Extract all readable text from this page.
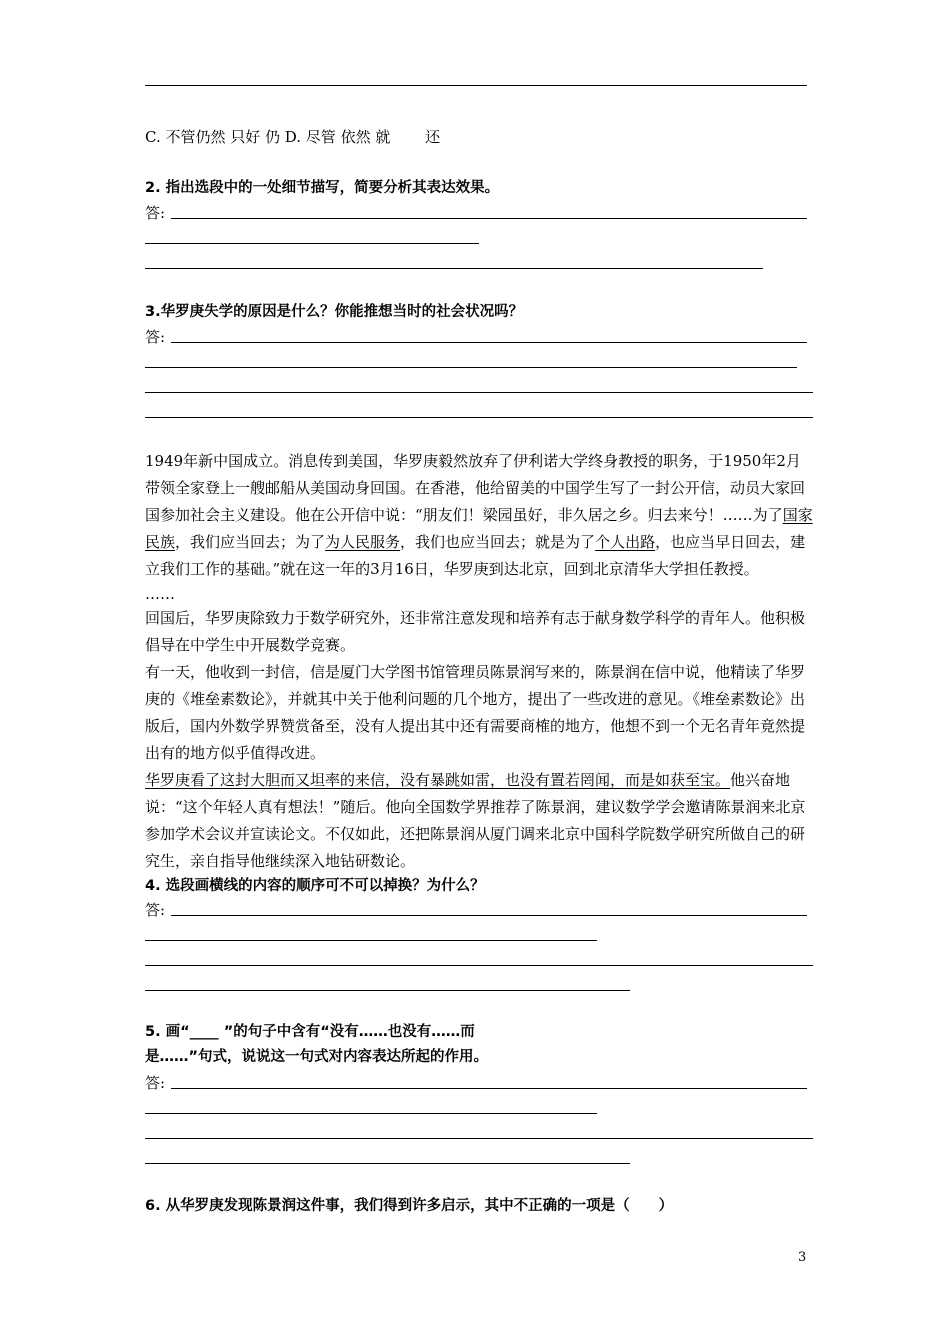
C. 不管仍然 只好 仍 D. 尽管 依然 就　　 还
2. 指出选段中的一处细节描写，简要分析其表达效果。
答:
3.华罗庚失学的原因是什么？你能推想当时的社会状况吗？
答:

1949年新中国成立。消息传到美国，华罗庚毅然放弃了伊利诺大学终身教授的职务，于1950年2月带领全家登上一艘邮船从美国动身回国。在香港，他给留美的中国学生写了一封公开信，动员大家回国参加社会主义建设。他在公开信中说：“朋友们！梁园虽好，非久居之乡。归去来兮！……为了国家民族，我们应当回去；为了为人民服务，我们也应当回去；就是为了个人出路，也应当早日回去，建立我们工作的基础。”就在这一年的3月16日，华罗庚到达北京，回到北京清华大学担任教授。

……

回国后，华罗庚除致力于数学研究外，还非常注意发现和培养有志于献身数学科学的青年人。他积极倡导在中学生中开展数学竞赛。

有一天，他收到一封信，信是厦门大学图书馆管理员陈景润写来的，陈景润在信中说，他精读了华罗庚的《堆垒素数论》，并就其中关于他利问题的几个地方，提出了一些改进的意见。《堆垒素数论》出版后，国内外数学界赞赏备至，没有人提出其中还有需要商榷的地方，他想不到一个无名青年竟然提出有的地方似乎值得改进。

华罗庚看了这封大胆而又坦率的来信，没有暴跳如雷，也没有置若罔闻，而是如获至宝。他兴奋地说：“这个年轻人真有想法！”随后。他向全国数学界推荐了陈景润，建议数学学会邀请陈景润来北京参加学术会议并宣读论文。不仅如此，还把陈景润从厦门调来北京中国科学院数学研究所做自己的研究生，亲自指导他继续深入地钻研数论。

4. 选段画横线的内容的顺序可不可以掉换？为什么？
答:
5. 画“____ ”的句子中含有“没有……也没有……而
是……”句式，说说这一句式对内容表达所起的作用。
答:
6. 从华罗庚发现陈景润这件事，我们得到许多启示，其中不正确的一项是（　　）
3
